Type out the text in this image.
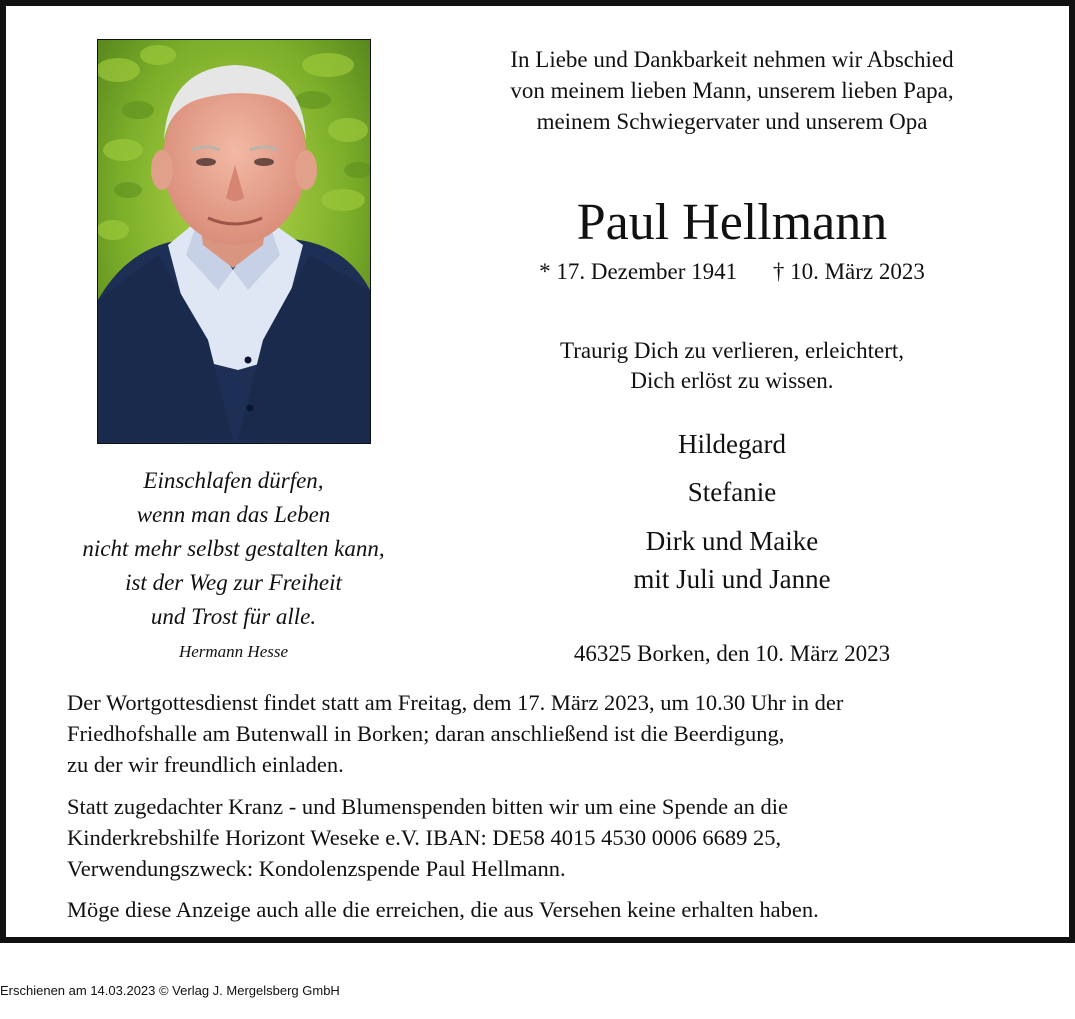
Einschlafen dürfen,
wenn man das Leben
nicht mehr selbst gestalten kann,
ist der Weg zur Freiheit
und Trost für alle.
Hermann Hesse
In Liebe und Dankbarkeit nehmen wir Abschied
von meinem lieben Mann, unserem lieben Papa,
meinem Schwiegervater und unserem Opa
Paul Hellmann
* 17. Dezember 1941 † 10. März 2023
Traurig Dich zu verlieren, erleichtert,
Dich erlöst zu wissen.
Hildegard
Stefanie
Dirk und Maike
mit Juli und Janne
46325 Borken, den 10. März 2023
Der Wortgottesdienst findet statt am Freitag, dem 17. März 2023, um 10.30 Uhr in der
Friedhofshalle am Butenwall in Borken; daran anschließend ist die Beerdigung,
zu der wir freundlich einladen.
Statt zugedachter Kranz - und Blumenspenden bitten wir um eine Spende an die
Kinderkrebshilfe Horizont Weseke e.V. IBAN: DE58 4015 4530 0006 6689 25,
Verwendungszweck: Kondolenzspende Paul Hellmann.
Möge diese Anzeige auch alle die erreichen, die aus Versehen keine erhalten haben.
Erschienen am 14.03.2023 © Verlag J. Mergelsberg GmbH
